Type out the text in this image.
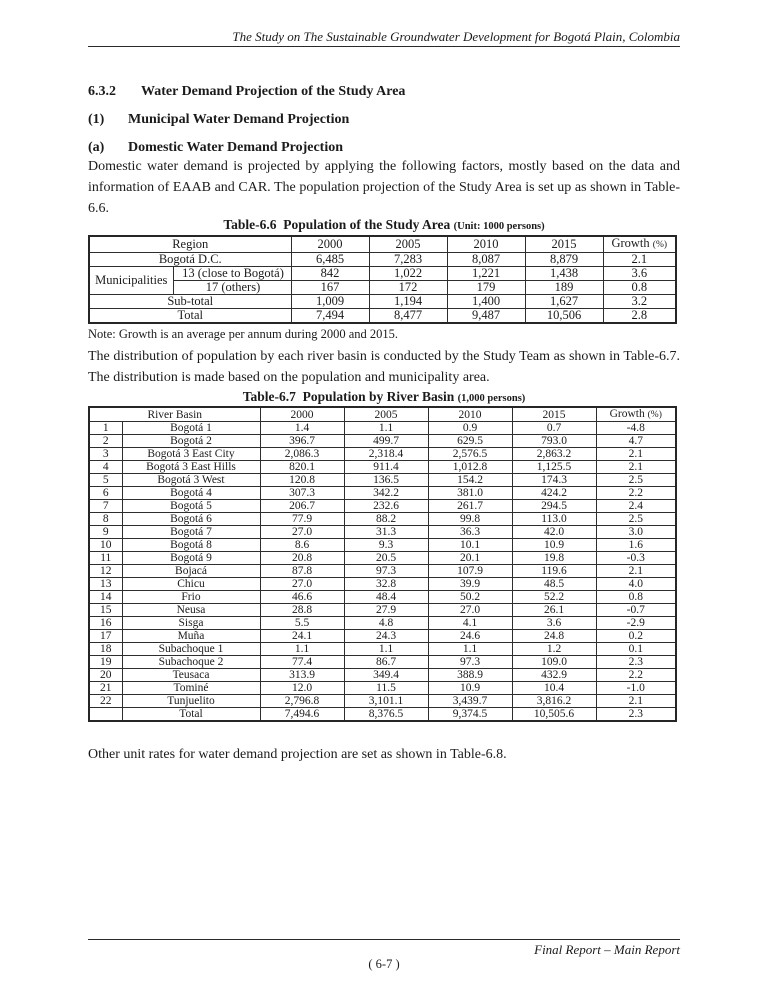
The Study on The Sustainable Groundwater Development for Bogotá Plain, Colombia
6.3.2	Water Demand Projection of the Study Area
(1)	Municipal Water Demand Projection
(a)	Domestic Water Demand Projection
Domestic water demand is projected by applying the following factors, mostly based on the data and information of EAAB and CAR. The population projection of the Study Area is set up as shown in Table-6.6.
Table-6.6  Population of the Study Area (Unit: 1000 persons)
Region		2000	2005	2010	2015	Growth (%)
Bogotá D.C.		6,485	7,283	8,087	8,879	2.1
Municipalities	13 (close to Bogotá)	842	1,022	1,221	1,438	3.6
	17 (others)	167	172	179	189	0.8
Sub-total		1,009	1,194	1,400	1,627	3.2
Total		7,494	8,477	9,487	10,506	2.8
Note: Growth is an average per annum during 2000 and 2015.
The distribution of population by each river basin is conducted by the Study Team as shown in Table-6.7. The distribution is made based on the population and municipality area.
Table-6.7  Population by River Basin (1,000 persons)
River Basin		2000	2005	2010	2015	Growth (%)
1	Bogotá 1	1.4	1.1	0.9	0.7	-4.8
2	Bogotá 2	396.7	499.7	629.5	793.0	4.7
3	Bogotá 3 East City	2,086.3	2,318.4	2,576.5	2,863.2	2.1
4	Bogotá 3 East Hills	820.1	911.4	1,012.8	1,125.5	2.1
5	Bogotá 3 West	120.8	136.5	154.2	174.3	2.5
6	Bogotá 4	307.3	342.2	381.0	424.2	2.2
7	Bogotá 5	206.7	232.6	261.7	294.5	2.4
8	Bogotá 6	77.9	88.2	99.8	113.0	2.5
9	Bogotá 7	27.0	31.3	36.3	42.0	3.0
10	Bogotá 8	8.6	9.3	10.1	10.9	1.6
11	Bogotá 9	20.8	20.5	20.1	19.8	-0.3
12	Bojacá	87.8	97.3	107.9	119.6	2.1
13	Chicu	27.0	32.8	39.9	48.5	4.0
14	Frio	46.6	48.4	50.2	52.2	0.8
15	Neusa	28.8	27.9	27.0	26.1	-0.7
16	Sisga	5.5	4.8	4.1	3.6	-2.9
17	Muña	24.1	24.3	24.6	24.8	0.2
18	Subachoque 1	1.1	1.1	1.1	1.2	0.1
19	Subachoque 2	77.4	86.7	97.3	109.0	2.3
20	Teusaca	313.9	349.4	388.9	432.9	2.2
21	Tominé	12.0	11.5	10.9	10.4	-1.0
22	Tunjuelito	2,796.8	3,101.1	3,439.7	3,816.2	2.1
	Total	7,494.6	8,376.5	9,374.5	10,505.6	2.3
Other unit rates for water demand projection are set as shown in Table-6.8.
Final Report – Main Report
( 6-7 )
